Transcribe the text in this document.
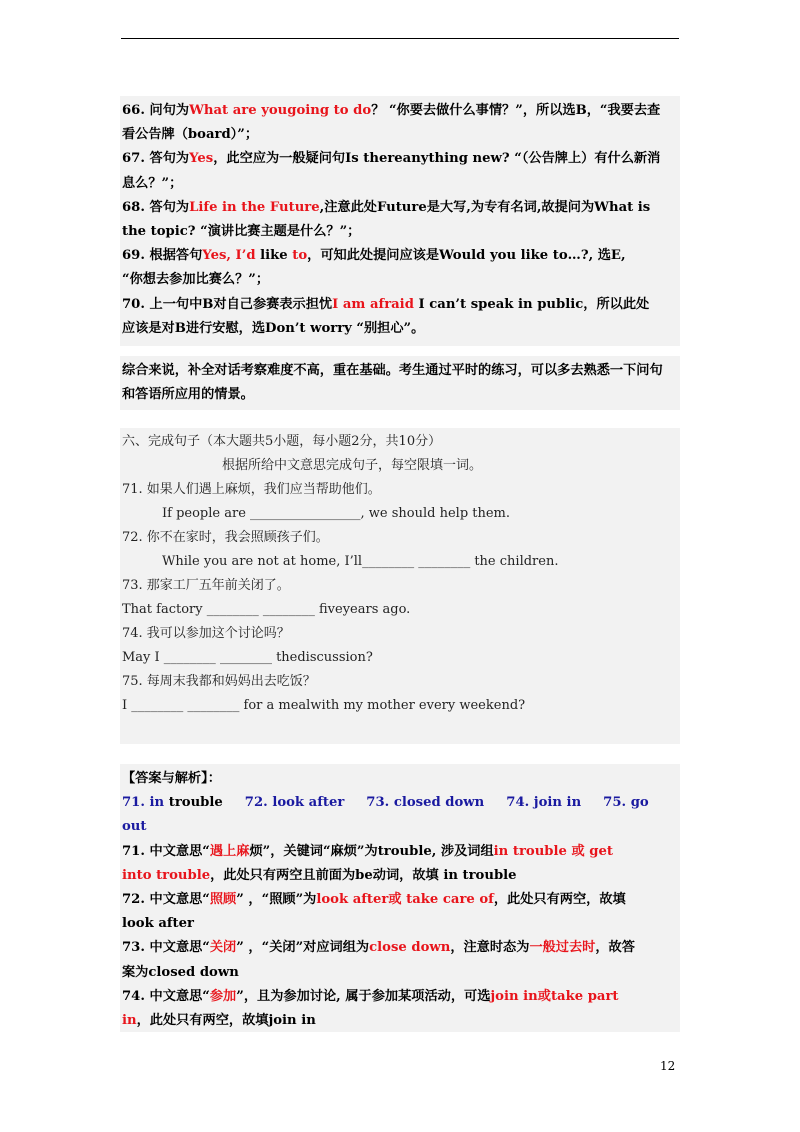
66. 问句为What are yougoing to do？ “你要去做什么事情？”，所以选B，“我要去查
看公告牌（board）”；
67. 答句为Yes，此空应为一般疑问句Is thereanything new? “（公告牌上）有什么新消
息么？”；
68. 答句为Life in the Future,注意此处Future是大写,为专有名词,故提问为What is
the topic? “演讲比赛主题是什么？”；
69. 根据答句Yes, I’d like to，可知此处提问应该是Would you like to…?, 选E,
“你想去参加比赛么？”；
70. 上一句中B对自己参赛表示担忧I am afraid I can’t speak in public，所以此处
应该是对B进行安慰，选Don’t worry “别担心”。
综合来说，补全对话考察难度不高，重在基础。考生通过平时的练习，可以多去熟悉一下问句
和答语所应用的情景。
六、完成句子（本大题共5小题，每小题2分，共10分）
根据所给中文意思完成句子，每空限填一词。
71. 如果人们遇上麻烦，我们应当帮助他们。
If people are _________________, we should help them.
72. 你不在家时，我会照顾孩子们。
While you are not at home, I’ll________ ________ the children.
73. 那家工厂五年前关闭了。
That factory ________ ________ fiveyears ago.
74. 我可以参加这个讨论吗？
May I ________ ________ thediscussion?
75. 每周末我都和妈妈出去吃饭？
I ________ ________ for a mealwith my mother every weekend?
【答案与解析】：
71. in trouble 72. look after 73. closed down 74. join in 75. go
out
71. 中文意思“遇上麻烦”，关键词“麻烦”为trouble, 涉及词组in trouble 或 get
into trouble，此处只有两空且前面为be动词，故填 in trouble
72. 中文意思“照顾” ，“照顾”为look after或 take care of，此处只有两空，故填
look after
73. 中文意思“关闭” ，“关闭”对应词组为close down，注意时态为一般过去时，故答
案为closed down
74. 中文意思“参加”，且为参加讨论, 属于参加某项活动，可选join in或take part
in，此处只有两空，故填join in
12
